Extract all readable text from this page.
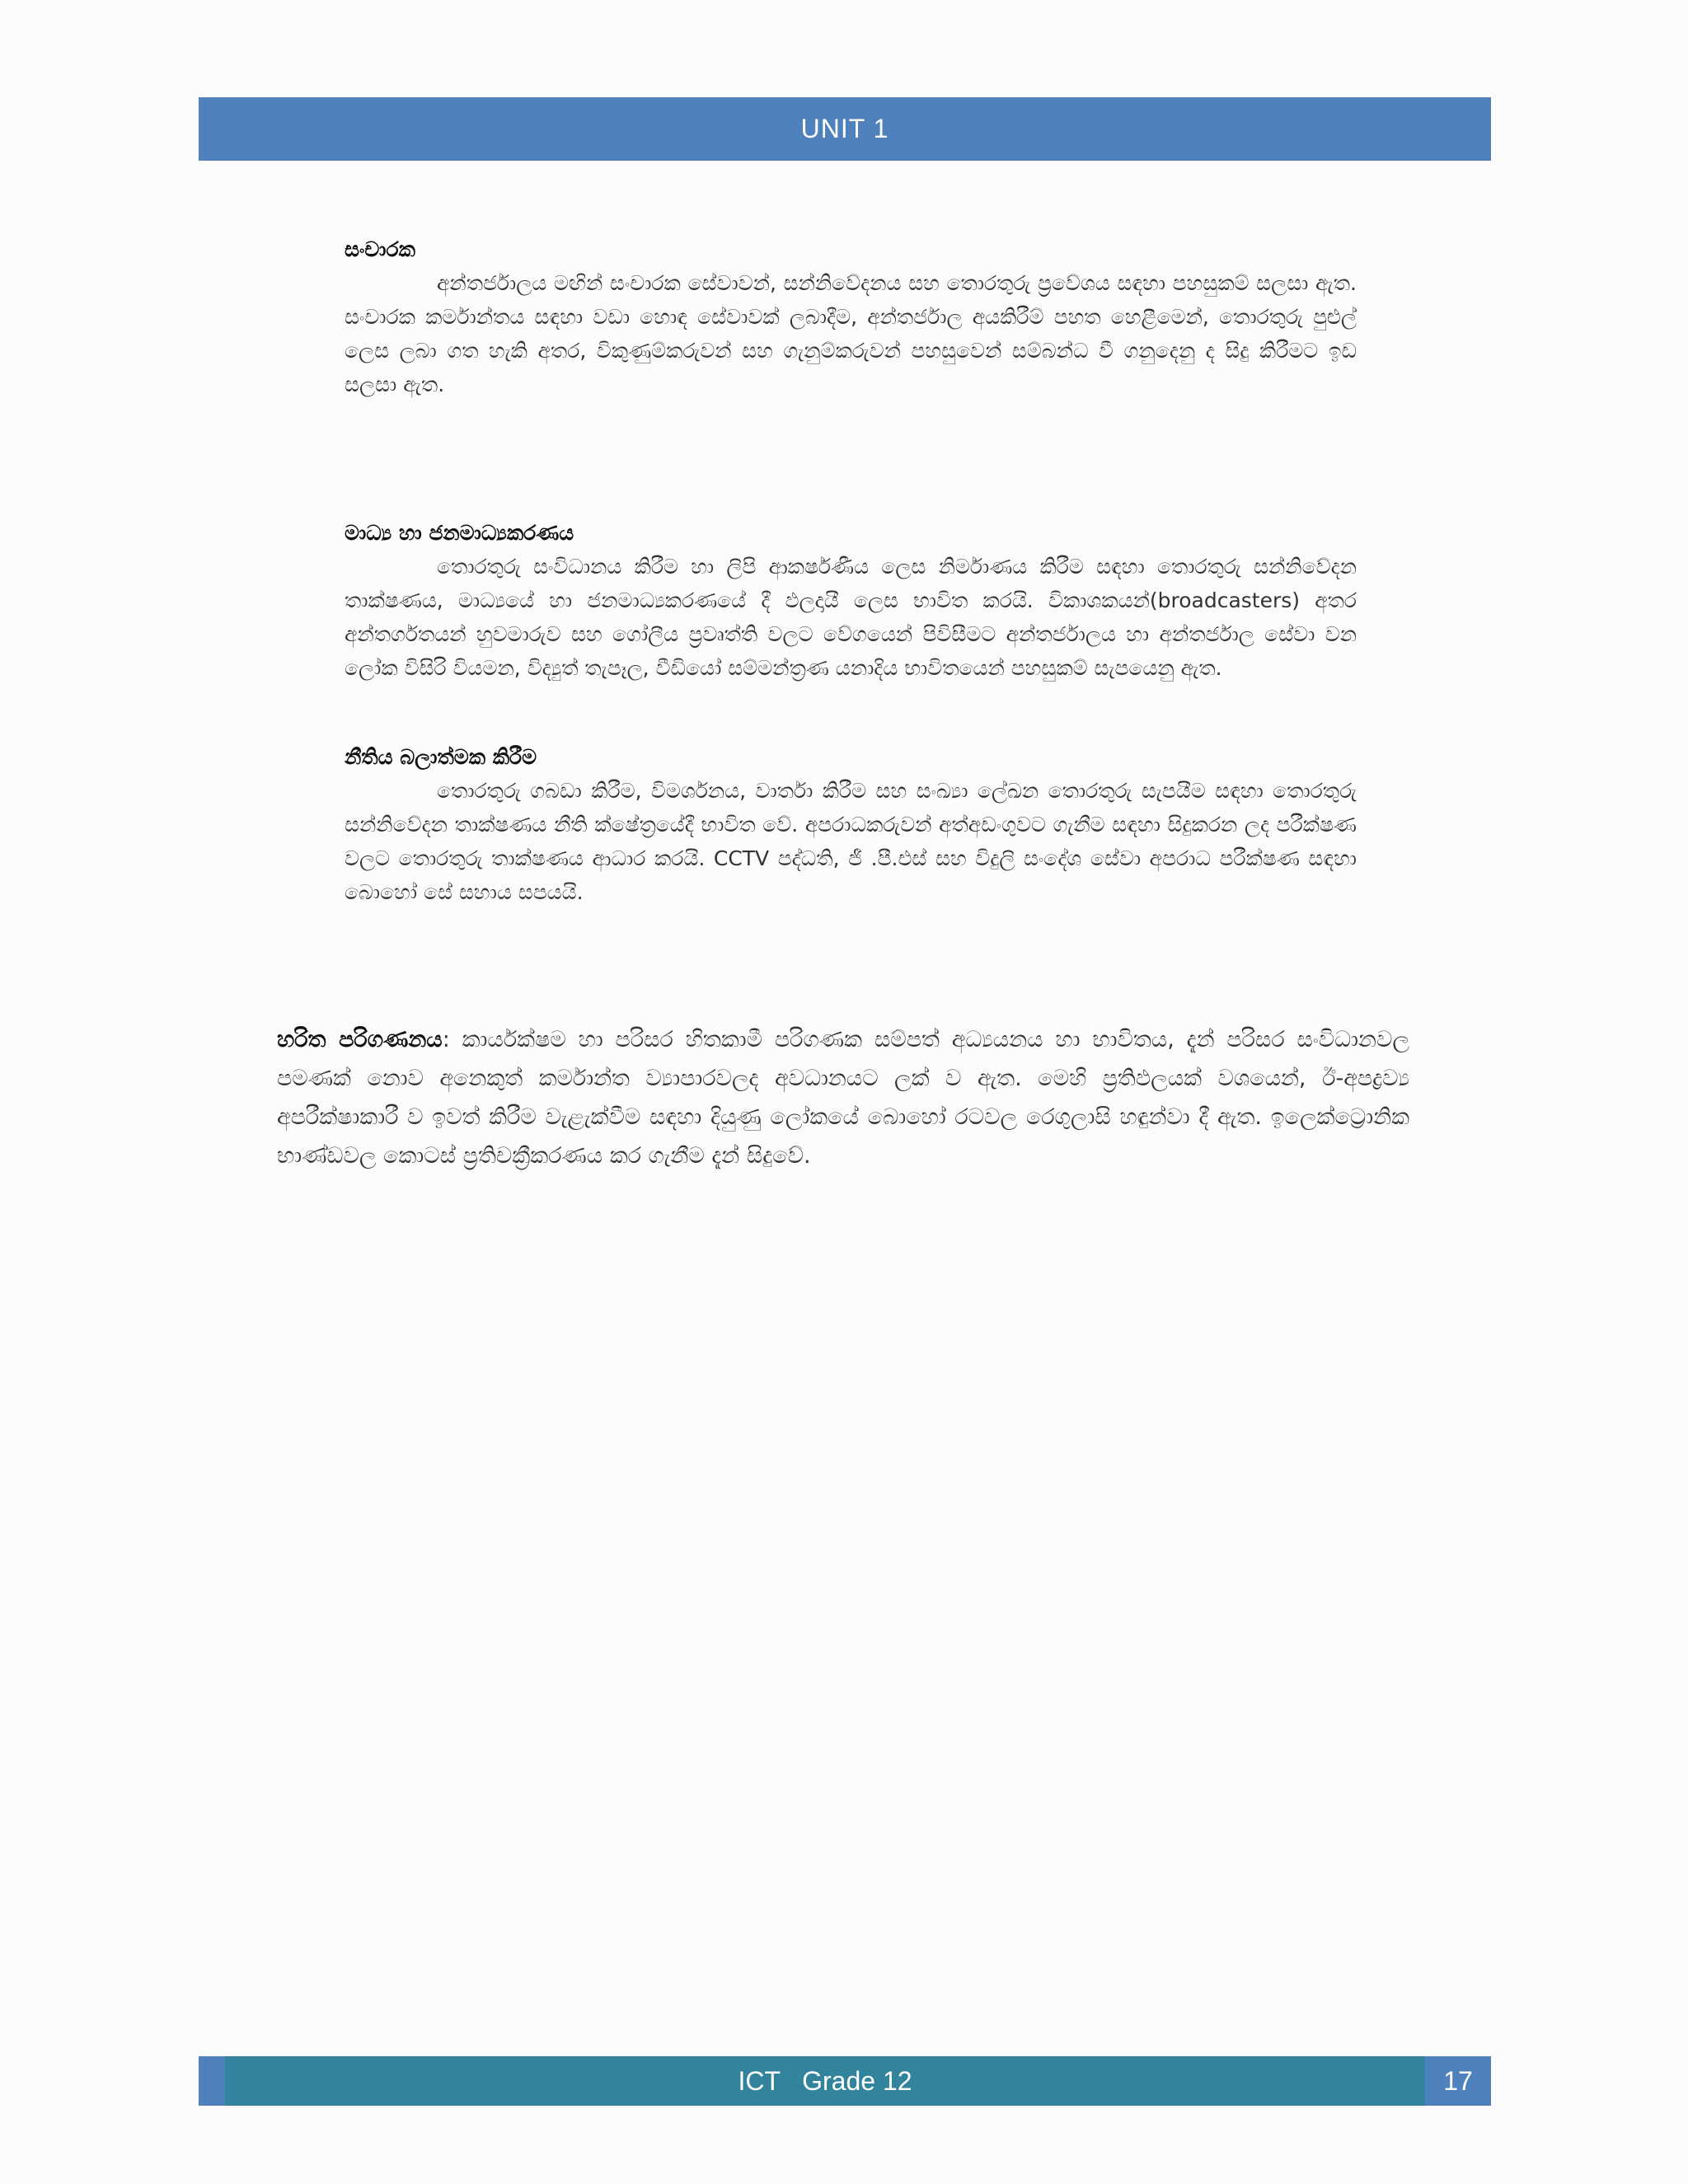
UNIT 1

සංචාරක

අන්තර්ජාලය මඟින් සංචාරක සේවාවන්, සන්නිවේදනය සහ තොරතුරු ප්‍රවේශය සඳහා පහසුකම් සලසා ඇත. සංචාරක කර්මාන්තය සඳහා වඩා හොඳ සේවාවක් ලබාදීම, අන්තර්ජාල අයකිරීම් පහත හෙළීමෙන්, තොරතුරු පුළුල් ලෙස ලබා ගත හැකි අතර, විකුණුම්කරුවන් සහ ගැනුම්කරුවන් පහසුවෙන් සම්බන්ධ වී ගනුදෙනු ද සිදු කිරීමට ඉඩ සලසා ඇත.

මාධ්‍ය හා ජනමාධ්‍යකරණය

තොරතුරු සංවිධානය කිරීම හා ලිපි ආකර්ෂණීය ලෙස නිර්මාණය කිරීම සඳහා තොරතුරු සන්නිවේදන තාක්ෂණය, මාධ්‍යයේ හා ජනමාධ්‍යකරණයේ දී ඵලදායී ලෙස භාවිත කරයි. විකාශකයන්(broadcasters) අතර අන්තර්ගතයන් හුවමාරුව සහ ගෝලීය ප්‍රවෘත්ති වලට වේගයෙන් පිවිසීමට අන්තර්ජාලය හා අන්තර්ජාල සේවා වන ලෝක විසිරි වියමන, විද්‍යුත් තැපෑල, වීඩියෝ සම්මන්ත්‍රණ යනාදිය භාවිතයෙන් පහසුකම් සැපයෙනු ඇත.

නීතිය බලාත්මක කිරීම

තොරතුරු ගබඩා කිරීම, විමර්ශනය, වාර්තා කිරීම සහ සංඛ්‍යා ලේඛන තොරතුරු සැපයීම සඳහා තොරතුරු සන්නිවේදන තාක්ෂණය නීති ක්ෂේත්‍රයේදී භාවිත වේ. අපරාධකරුවන් අත්අඩංගුවට ගැනීම සඳහා සිදුකරන ලද පරීක්ෂණ වලට තොරතුරු තාක්ෂණය ආධාර කරයි. CCTV පද්ධති, ජී .පී.එස් සහ විදුලි සංදේශ සේවා අපරාධ පරීක්ෂණ සඳහා බොහෝ සේ සහාය සපයයි.

හරිත පරිගණනය: කාර්යක්ෂම හා පරිසර හිතකාමී පරිගණක සම්පත් අධ්‍යයනය හා භාවිතය, දැන් පරිසර සංවිධානවල පමණක් නොව අනෙකුත් කර්මාන්ත ව්‍යාපාරවලද අවධානයට ලක් ව ඇත. මෙහි ප්‍රතිඵලයක් වශයෙන්, ඊ-අපද්‍රව්‍ය අපරීක්ෂාකාරී ව ඉවත් කිරීම වැළැක්වීම සඳහා දියුණු ලෝකයේ බොහෝ රටවල රෙගුලාසි හඳුන්වා දී ඇත. ඉලෙක්ට්‍රොනික භාණ්ඩවල කොටස් ප්‍රතිචක්‍රීකරණය කර ගැනීම දැන් සිදුවේ.
ICT   Grade 12	17
